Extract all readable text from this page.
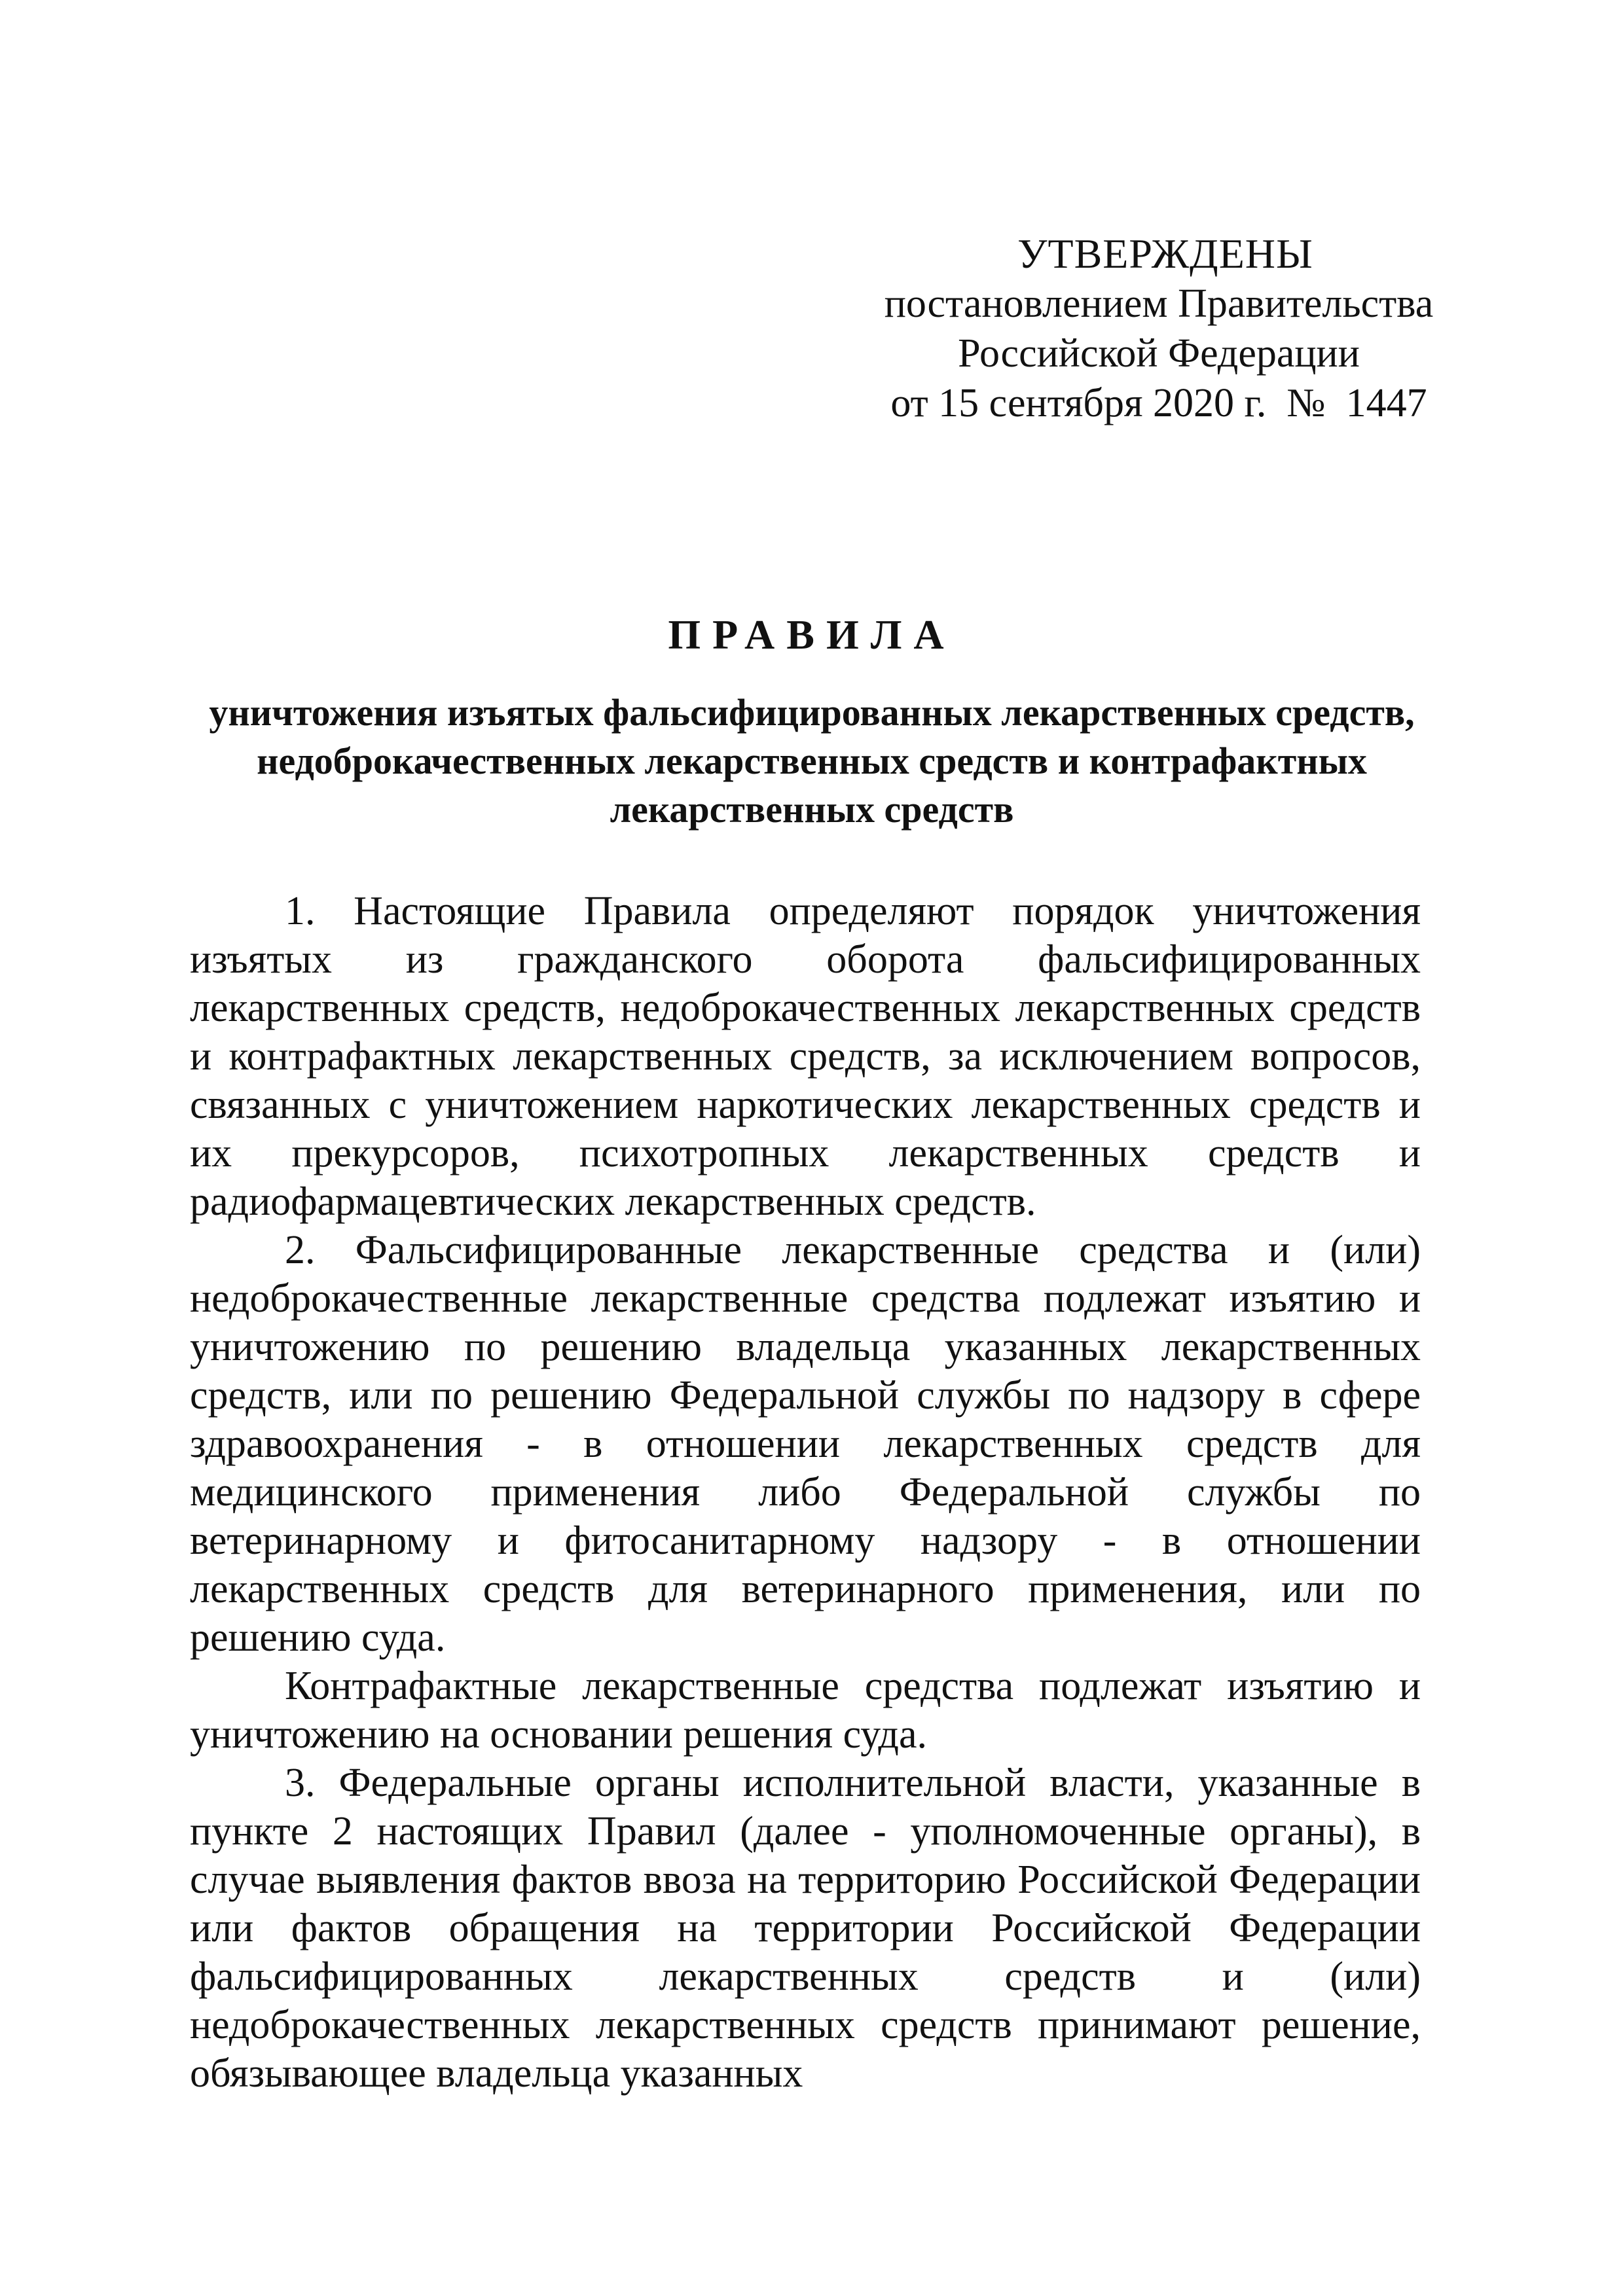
УТВЕРЖДЕНЫ
постановлением Правительства
Российской Федерации
от 15 сентября 2020 г.  №  1447
ПРАВИЛА
уничтожения изъятых фальсифицированных лекарственных средств,
недоброкачественных лекарственных средств и контрафактных
лекарственных средств

1. Настоящие Правила определяют порядок уничтожения изъятых из гражданского оборота фальсифицированных лекарственных средств, недоброкачественных лекарственных средств и контрафактных лекарственных средств, за исключением вопросов, связанных с уничтожением наркотических лекарственных средств и их прекурсоров, психотропных лекарственных средств и радиофармацевтических лекарственных средств.

2. Фальсифицированные лекарственные средства и (или) недоброкачественные лекарственные средства подлежат изъятию и уничтожению по решению владельца указанных лекарственных средств, или по решению Федеральной службы по надзору в сфере здравоохранения - в отношении лекарственных средств для медицинского применения либо Федеральной службы по ветеринарному и фитосанитарному надзору - в отношении лекарственных средств для ветеринарного применения, или по решению суда.

Контрафактные лекарственные средства подлежат изъятию и уничтожению на основании решения суда.

3. Федеральные органы исполнительной власти, указанные в пункте 2 настоящих Правил (далее - уполномоченные органы), в случае выявления фактов ввоза на территорию Российской Федерации или фактов обращения на территории Российской Федерации фальсифицированных лекарственных средств и (или) недоброкачественных лекарственных средств принимают решение, обязывающее владельца указанных
